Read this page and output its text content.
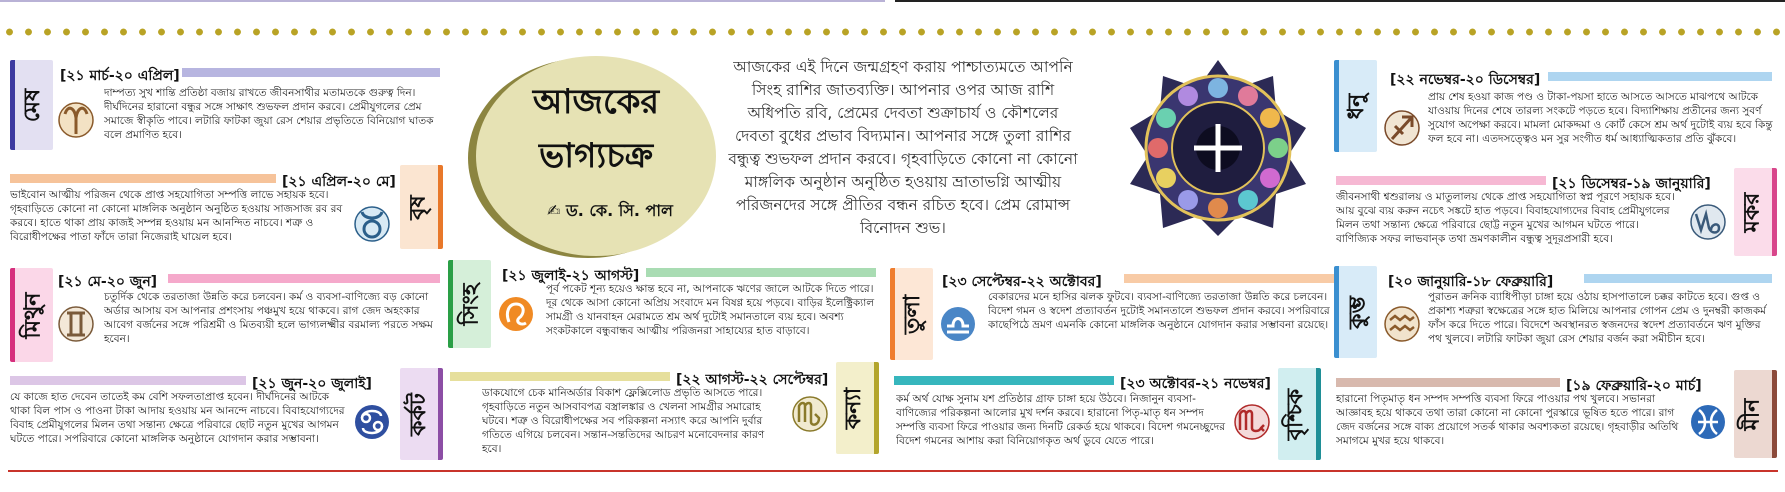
মেষ
[২১ মার্চ-২০ এপ্রিল]
দাম্পত্য সুখ শান্তি প্রতিষ্ঠা বজায় রাখতে জীবনসাথীর মতামতকে গুরুত্ব দিন। দীর্ঘদিনের হারানো বন্ধুর সঙ্গে সাক্ষাৎ শুভফল প্রদান করবে। প্রেমীযুগলের প্রেম সমাজে স্বীকৃতি পাবে। লটারি ফাটকা জুয়া রেস শেয়ার প্রভৃতিতে বিনিয়োগ ঘাতক বলে প্রমাণিত হবে।
[২১ এপ্রিল-২০ মে]
বৃষ
ভাইবোন আত্মীয় পরিজন থেকে প্রাপ্ত সহযোগিতা সম্পত্তি লাভে সহায়ক হবে। গৃহবাড়িতে কোনো না কোনো মাঙ্গলিক অনুষ্ঠান অনুষ্ঠিত হওয়ায় সাজসাজ রব রব করবে। হাতে থাকা প্রায় কাজই সম্পন্ন হওয়ায় মন আনন্দিত নাচবে। শত্রু ও বিরোধীপক্ষের পাতা ফাঁদে তারা নিজেরাই ঘায়েল হবে।
মিথুন
[২১ মে-২০ জুন]
চতুর্দিক থেকে তরতাজা উন্নতি করে চলবেন। কর্ম ও ব্যবসা-বাণিজ্যে বড় কোনো অর্ডার আসায় বস আপনার প্রশংসায় পঞ্চমুখ হয়ে থাকবে। রাগ জেদ অহংকার আবেগ বর্জনের সঙ্গে পরিশ্রমী ও মিতব্যয়ী হলে ভাগ্যলক্ষ্মীর বরমাল্য পরতে সক্ষম হবেন।
[২১ জুন-২০ জুলাই]
কর্কট
যে কাজে হাত দেবেন তাতেই কম বেশি সফলতাপ্রাপ্ত হবেন। দীর্ঘদিনের আটকে থাকা বিল পাস ও পাওনা টাকা আদায় হওয়ায় মন আনন্দে নাচবে। বিবাহযোগ্যদের বিবাহ প্রেমীযুগলের মিলন তথা সন্তান্য ক্ষেত্রে পরিবারে ছোট নতুন মুখের আগমন ঘটতে পারে। সপরিবারে কোনো মাঙ্গলিক অনুষ্ঠানে যোগদান করার সম্ভাবনা।
আজকের
ভাগ্যচক্র
✍ ড. কে. সি. পাল
আজকের এই দিনে জন্মগ্রহণ করায় পাশ্চাত্যমতে আপনি সিংহ রাশির জাতব্যক্তি। আপনার ওপর আজ রাশি অধিপতি রবি, প্রেমের দেবতা শুক্রাচার্য ও কৌশলের দেবতা বুধের প্রভাব বিদ্যমান। আপনার সঙ্গে তুলা রাশির বন্ধুত্ব শুভফল প্রদান করবে। গৃহবাড়িতে কোনো না কোনো মাঙ্গলিক অনুষ্ঠান অনুষ্ঠিত হওয়ায় ভ্রাতাভগ্নি আত্মীয় পরিজনদের সঙ্গে প্রীতির বন্ধন রচিত হবে। প্রেম রোমান্স বিনোদন শুভ।
সিংহ
[২১ জুলাই-২১ আগস্ট]
পূর্ব পকেট শূন্য হয়েও ক্ষান্ত হবে না, আপনাকে ঋণের জালে আটকে দিতে পারে। দূর থেকে আসা কোনো অপ্রিয় সংবাদে মন বিষণ্ণ হয়ে পড়বে। বাড়ির ইলেক্ট্রিক্যাল সামগ্রী ও যানবাহন মেরামতে শ্রম অর্থ দুটোই সমানতালে ব্যয় হবে। অবশ্য সংকটকালে বন্ধুবান্ধব আত্মীয় পরিজনরা সাহায্যের হাত বাড়াবে।
[২২ আগস্ট-২২ সেপ্টেম্বর]
কন্যা
ডাকযোগে চেক মানিঅর্ডার বিকাশ ফ্লেক্সিলোড প্রভৃতি আসতে পারে। গৃহবাড়িতে নতুন আসবাবপত্র বস্ত্রালঙ্কার ও খেলনা সামগ্রীর সমারোহ ঘটবে। শত্রু ও বিরোধীপক্ষের সব পরিকল্পনা নস্যাৎ করে আপনি দুর্বার গতিতে এগিয়ে চলবেন। সন্তান-সন্ততিদের আচরণ মনোবেদনার কারণ হবে।
তুলা
[২৩ সেপ্টেম্বর-২২ অক্টোবর]
বেকারদের মনে হাসির ঝলক ফুটবে। ব্যবসা-বাণিজ্যে তরতাজা উন্নতি করে চলবেন। বিদেশ গমন ও স্বদেশ প্রত্যাবর্তন দুটোই সমানতালে শুভফল প্রদান করবে। সপরিবারে কাছেপিঠে ভ্রমণ এমনকি কোনো মাঙ্গলিক অনুষ্ঠানে যোগদান করার সম্ভাবনা রয়েছে।
[২৩ অক্টোবর-২১ নভেম্বর]
বৃশ্চিক
কর্ম অর্থ যোক্ষ সুনাম যশ প্রতিষ্ঠার গ্রাফ চাঙ্গা হয়ে উঠবে। নিজানুন ব্যবসা-বাণিজ্যের পরিকল্পনা আলোর মুখ দর্শন করবে। হারানো পিতৃ-মাতৃ ধন সম্পদ সম্পত্তি ব্যবসা ফিরে পাওয়ার জন্য দিনটি রেকর্ড হয়ে থাকবে। বিদেশ গমনেচ্ছুদের বিদেশ গমনের আশায় করা বিনিয়োগকৃত অর্থ ডুবে যেতে পারে।
ধনু
[২২ নভেম্বর-২০ ডিসেম্বর]
প্রায় শেষ হওয়া কাজ পণ্ড ও টাকা-পয়সা হাতে আসতে আসতে মাঝপথে আটকে যাওয়ায় দিনের শেষে তারল্য সংকটে পড়তে হবে। বিদ্যাশিক্ষায় প্রতীনের জন্য সুবর্ণ সুযোগ অপেক্ষা করবে। মামলা মোকদ্দমা ও কোর্ট কেসে শ্রম অর্থ দুটোই ব্যয় হবে কিন্তু ফল হবে না। এতদসত্ত্বেও মন সুর সংগীত ধর্ম আধ্যাত্মিকতার প্রতি ঝুঁকবে।
[২১ ডিসেম্বর-১৯ জানুয়ারি]
মকর
জীবনসাথী শ্বশুরালয় ও মাতুলালয় থেকে প্রাপ্ত সহযোগিতা স্বপ্ন পূরণে সহায়ক হবে। আয় বুঝে ব্যয় করুন নচেৎ সঙ্কটে হাত পড়বে। বিবাহযোগ্যদের বিবাহ প্রেমীযুগলের মিলন তথা সন্তান্য ক্ষেত্রে পরিবারে ছোট্ট নতুন মুখের আগমন ঘটতে পারে। বাণিজ্যিক সফর লাভবান্‌ক তথা ভ্রমণকালীন বন্ধুত্ব সুদূরপ্রসারী হবে।
কুম্ভ
[২০ জানুয়ারি-১৮ ফেব্রুয়ারি]
পুরাতন ক্রনিক ব্যাধিপীড়া চাঙ্গা হয়ে ওঠায় হাসপাতালে চক্কর কাটতে হবে। গুপ্ত ও প্রকাশ্য শত্রুরা স্বক্ষেত্রের সঙ্গে হাত মিলিয়ে আপনার গোপন প্রেম ও দুনম্বরী কাজকর্ম ফাঁস করে দিতে পারে। বিদেশে অবস্থানরত স্বজনদের স্বদেশ প্রত্যাবর্তনে ঋণ মুক্তির পথ খুলবে। লটারি ফাটকা জুয়া রেস শেয়ার বর্জন করা সমীচীন হবে।
[১৯ ফেব্রুয়ারি-২০ মার্চ]
মীন
হারানো পিতৃমাতৃ ধন সম্পদ সম্পত্তি ব্যবসা ফিরে পাওয়ার পথ খুলবে। সভানরা আজ্ঞাবহ হয়ে থাকবে তথা তারা কোনো না কোনো পুরস্কারে ভূষিত হতে পারে। রাগ জেদ বর্জনের সঙ্গে বাক্য প্রয়োগে সতর্ক থাকার অবশ্যকতা রয়েছে। গৃহবাড়ীর অতিথি সমাগমে মুখর হয়ে থাকবে।
